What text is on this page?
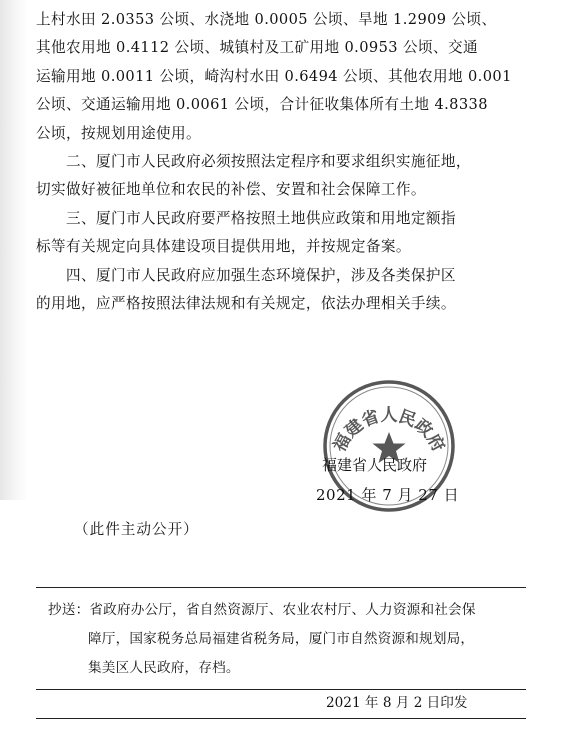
上村水田 2.0353 公顷、水浇地 0.0005 公顷、旱地 1.2909 公顷、
其他农用地 0.4112 公顷、城镇村及工矿用地 0.0953 公顷、交通
运输用地 0.0011 公顷，崎沟村水田 0.6494 公顷、其他农用地 0.001
公顷、交通运输用地 0.0061 公顷，合计征收集体所有土地 4.8338
公顷，按规划用途使用。
二、厦门市人民政府必须按照法定程序和要求组织实施征地，
切实做好被征地单位和农民的补偿、安置和社会保障工作。
三、厦门市人民政府要严格按照土地供应政策和用地定额指
标等有关规定向具体建设项目提供用地，并按规定备案。
四、厦门市人民政府应加强生态环境保护，涉及各类保护区
的用地，应严格按照法律法规和有关规定，依法办理相关手续。
福建省人民政府
福建省人民政府
2021 年 7 月 27 日
（此件主动公开）
抄送：省政府办公厅，省自然资源厅、农业农村厅、人力资源和社会保
障厅，国家税务总局福建省税务局，厦门市自然资源和规划局，
集美区人民政府，存档。
2021 年 8 月 2 日印发
